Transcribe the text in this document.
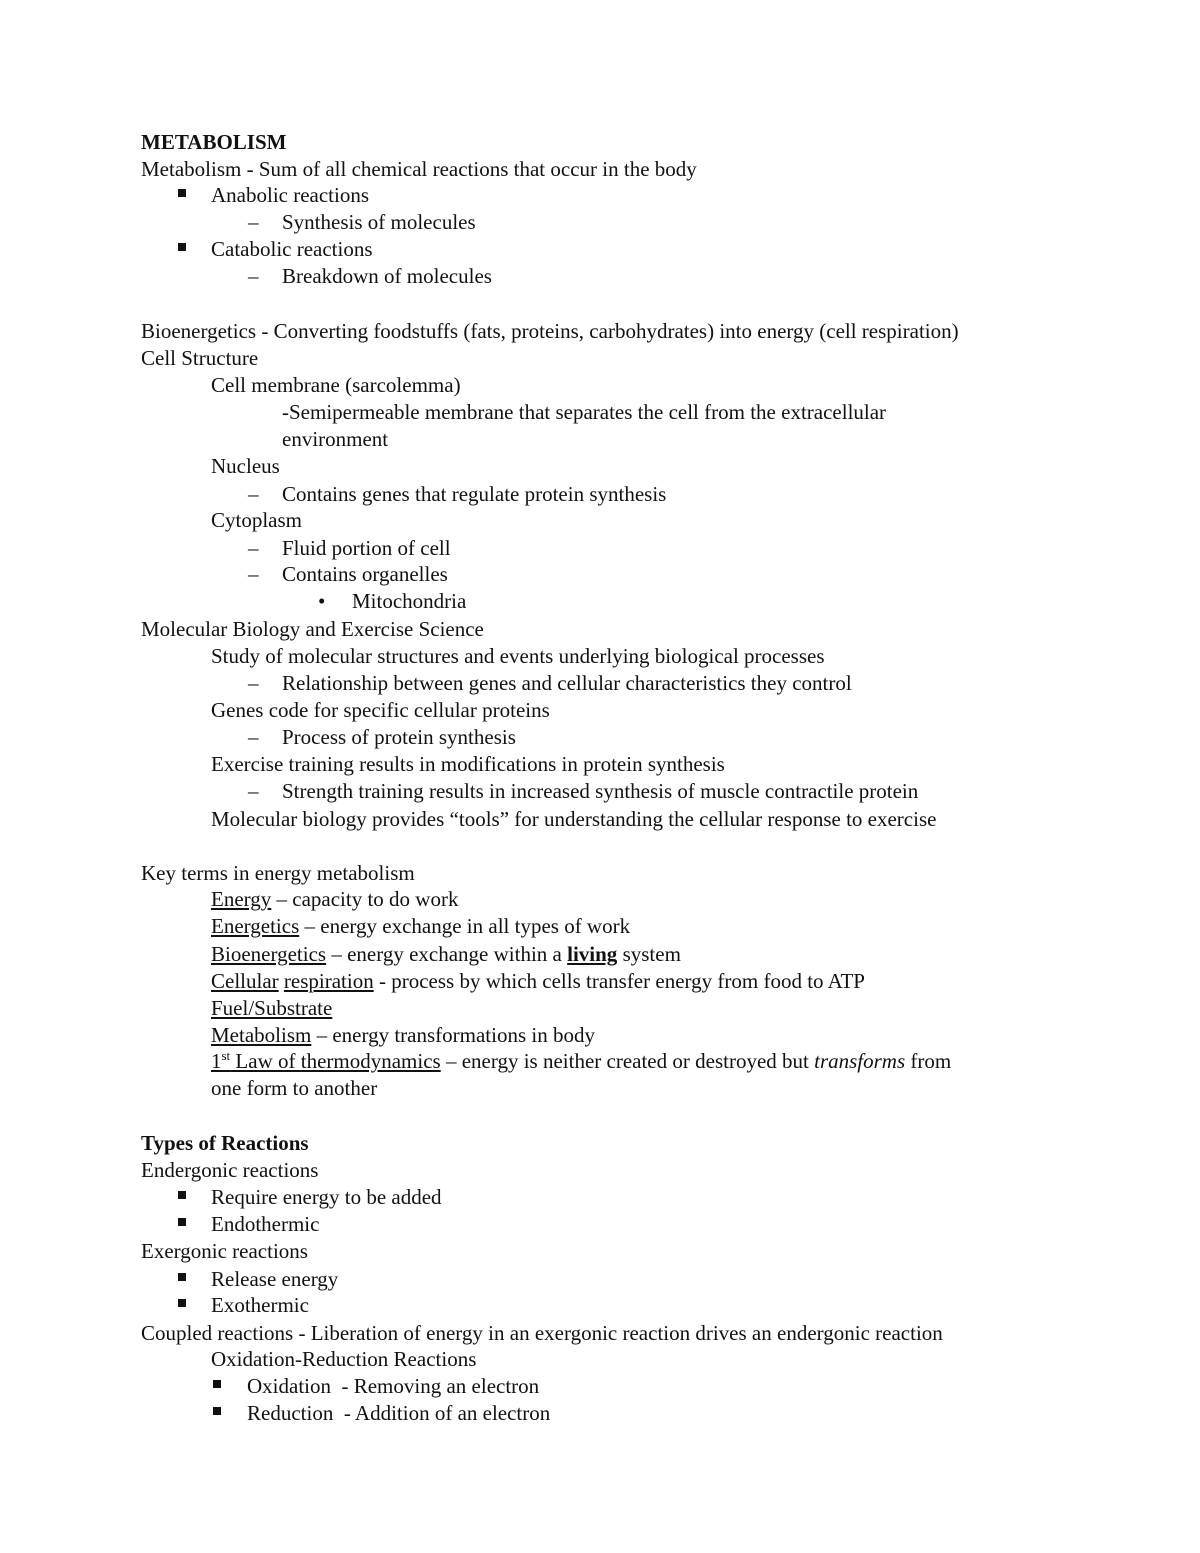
METABOLISM
Metabolism - Sum of all chemical reactions that occur in the body
Anabolic reactions
– Synthesis of molecules
Catabolic reactions
– Breakdown of molecules
Bioenergetics - Converting foodstuffs (fats, proteins, carbohydrates) into energy (cell respiration)
Cell Structure
Cell membrane (sarcolemma)
-Semipermeable membrane that separates the cell from the extracellular
environment
Nucleus
– Contains genes that regulate protein synthesis
Cytoplasm
– Fluid portion of cell
– Contains organelles
• Mitochondria
Molecular Biology and Exercise Science
Study of molecular structures and events underlying biological processes
– Relationship between genes and cellular characteristics they control
Genes code for specific cellular proteins
– Process of protein synthesis
Exercise training results in modifications in protein synthesis
– Strength training results in increased synthesis of muscle contractile protein
Molecular biology provides “tools” for understanding the cellular response to exercise
Key terms in energy metabolism
Energy – capacity to do work
Energetics – energy exchange in all types of work
Bioenergetics – energy exchange within a living system
Cellular respiration - process by which cells transfer energy from food to ATP
Fuel/Substrate
Metabolism – energy transformations in body
1st Law of thermodynamics – energy is neither created or destroyed but transforms from
one form to another
Types of Reactions
Endergonic reactions
Require energy to be added
Endothermic
Exergonic reactions
Release energy
Exothermic
Coupled reactions - Liberation of energy in an exergonic reaction drives an endergonic reaction
Oxidation-Reduction Reactions
Oxidation  - Removing an electron
Reduction  - Addition of an electron
